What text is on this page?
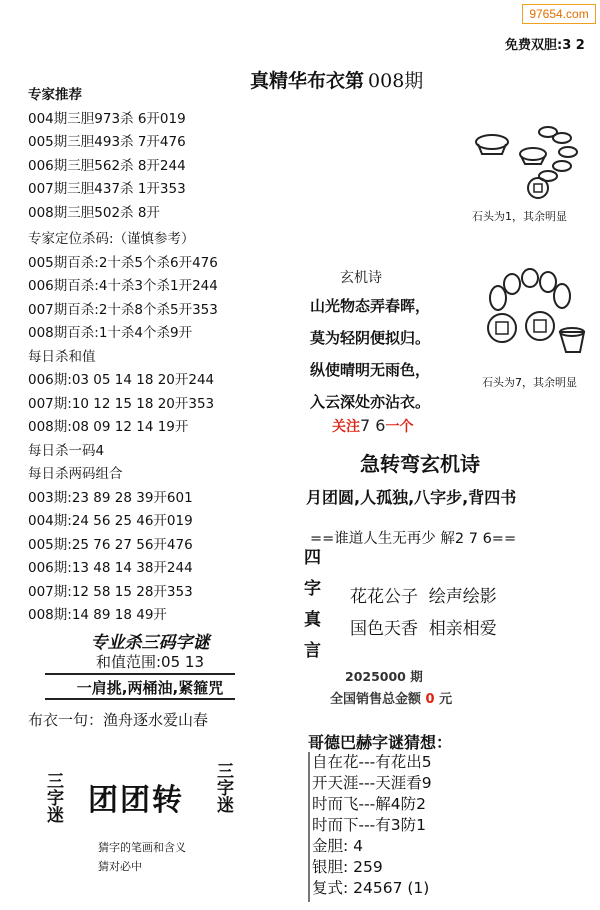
97654.com
免费双胆:3 2
真精华布衣第 008期
专家推荐
004期三胆973杀 6开019
005期三胆493杀 7开476
006期三胆562杀 8开244
007期三胆437杀 1开353
008期三胆502杀 8开
专家定位杀码:（谨慎参考）
005期百杀:2十杀5个杀6开476
006期百杀:4十杀3个杀1开244
007期百杀:2十杀8个杀5开353
008期百杀:1十杀4个杀9开
每日杀和值
006期:03 05 14 18 20开244
007期:10 12 15 18 20开353
008期:08 09 12 14 19开
每日杀一码4
每日杀两码组合
003期:23 89 28 39开601
004期:24 56 25 46开019
005期:25 76 27 56开476
006期:13 48 14 38开244
007期:12 58 15 28开353
008期:14 89 18 49开
专业杀三码字谜
和值范围:05 13
一肩挑,两桶油,紧箍咒
布衣一句：渔舟逐水爱山春
三字迷	三字迷
团团转
猜字的笔画和含义
猜对必中
石头为1，其余明显
石头为7，其余明显
玄机诗
山光物态弄春晖，
莫为轻阴便拟归。
纵使晴明无雨色，
入云深处亦沾衣。
关注7 6一个
急转弯玄机诗
月团圆,人孤独,八字步,背四书
==谁道人生无再少 解2 7 6==
四
字
真
言
花花公子  绘声绘影
国色天香  相亲相爱
2025000 期
全国销售总金额 0 元
哥德巴赫字谜猜想：
自在花---有花出5
开天涯---天涯看9
时而飞---解4防2
时而下---有3防1
金胆: 4
银胆: 259
复式: 24567 (1)
